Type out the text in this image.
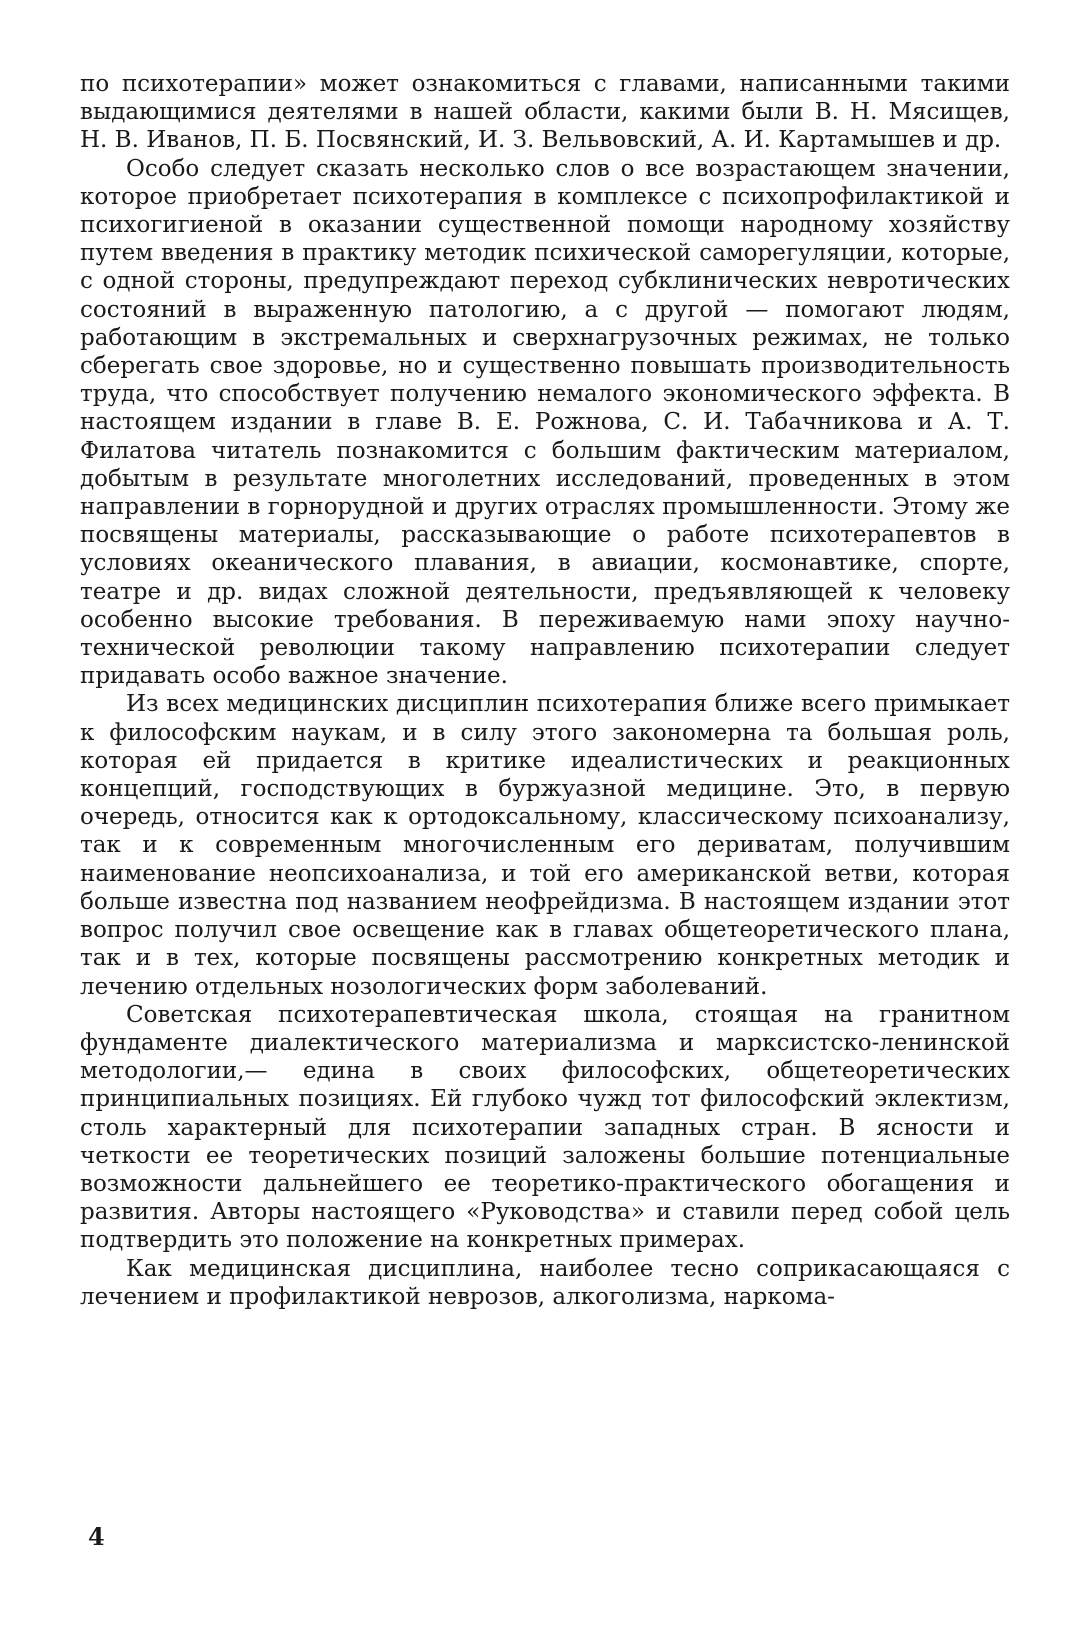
по психотерапии» может ознакомиться с главами, написанными такими выдающимися деятелями в нашей области, какими были В. Н. Мясищев, Н. В. Иванов, П. Б. Посвянский, И. З. Вельвовский, А. И. Картамышев и др.

Особо следует сказать несколько слов о все возрастающем значении, которое приобретает психотерапия в комплексе с психопрофилактикой и психогигиеной в оказании существенной помощи народному хозяйству путем введения в практику методик психической саморегуляции, которые, с одной стороны, предупреждают переход субклинических невротических состояний в выраженную патологию, а с другой — помогают людям, работающим в экстремальных и сверхнагрузочных режимах, не только сберегать свое здоровье, но и существенно повышать производительность труда, что способствует получению немалого экономического эффекта. В настоящем издании в главе В. Е. Рожнова, С. И. Табачникова и А. Т. Филатова читатель познакомится с большим фактическим материалом, добытым в результате многолетних исследований, проведенных в этом направлении в горнорудной и других отраслях промышленности. Этому же посвящены материалы, рассказывающие о работе психотерапевтов в условиях океанического плавания, в авиации, космонавтике, спорте, театре и др. видах сложной деятельности, предъявляющей к человеку особенно высокие требования. В переживаемую нами эпоху научно-технической революции такому направлению психотерапии следует придавать особо важное значение.

Из всех медицинских дисциплин психотерапия ближе всего примыкает к философским наукам, и в силу этого закономерна та большая роль, которая ей придается в критике идеалистических и реакционных концепций, господствующих в буржуазной медицине. Это, в первую очередь, относится как к ортодоксальному, классическому психоанализу, так и к современным многочисленным его дериватам, получившим наименование неопсихоанализа, и той его американской ветви, которая больше известна под названием неофрейдизма. В настоящем издании этот вопрос получил свое освещение как в главах общетеоретического плана, так и в тех, которые посвящены рассмотрению конкретных методик и лечению отдельных нозологических форм заболеваний.

Советская психотерапевтическая школа, стоящая на гранитном фундаменте диалектического материализма и марксистско-ленинской методологии,— едина в своих философских, общетеоретических принципиальных позициях. Ей глубоко чужд тот философский эклектизм, столь характерный для психотерапии западных стран. В ясности и четкости ее теоретических позиций заложены большие потенциальные возможности дальнейшего ее теоретико-практического обогащения и развития. Авторы настоящего «Руководства» и ставили перед собой цель подтвердить это положение на конкретных примерах.

Как медицинская дисциплина, наиболее тесно соприкасающаяся с лечением и профилактикой неврозов, алкоголизма, наркома-

4
